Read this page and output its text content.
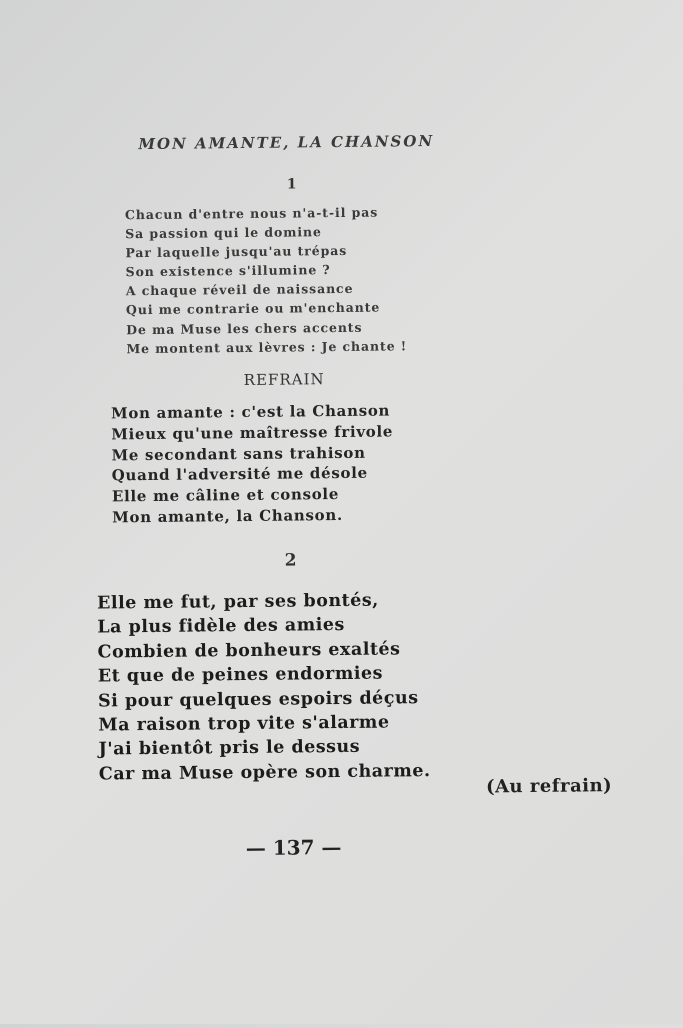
MON AMANTE, LA CHANSON
1
Chacun d'entre nous n'a-t-il pas
Sa passion qui le domine
Par laquelle jusqu'au trépas
Son existence s'illumine ?
A chaque réveil de naissance
Qui me contrarie ou m'enchante
De ma Muse les chers accents
Me montent aux lèvres : Je chante !
REFRAIN
Mon amante : c'est la Chanson
Mieux qu'une maîtresse frivole
Me secondant sans trahison
Quand l'adversité me désole
Elle me câline et console
Mon amante, la Chanson.
2
Elle me fut, par ses bontés,
La plus fidèle des amies
Combien de bonheurs exaltés
Et que de peines endormies
Si pour quelques espoirs déçus
Ma raison trop vite s'alarme
J'ai bientôt pris le dessus
Car ma Muse opère son charme.
(Au refrain)
— 137 —
